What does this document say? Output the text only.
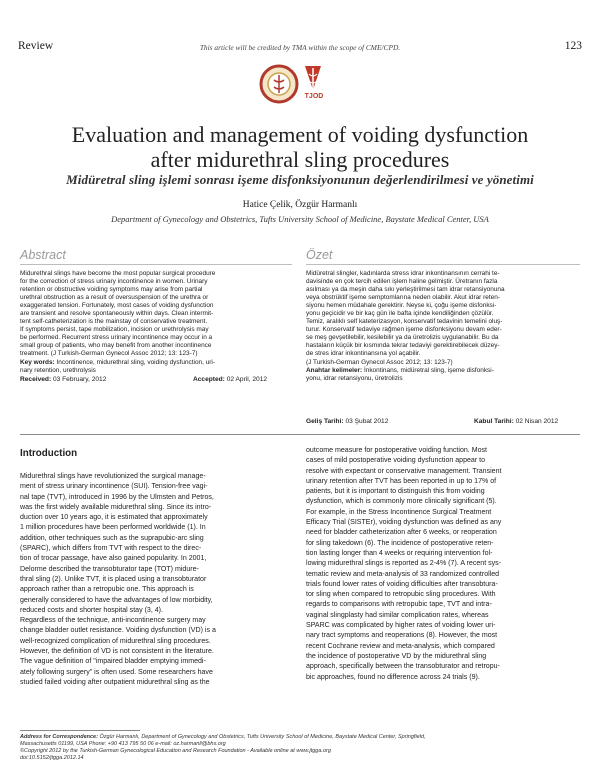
Review	This article will be credited by TMA within the scope of CME/CPD.	123
TJOD
Evaluation and management of voiding dysfunction
after midurethral sling procedures
Midüretral sling işlemi sonrası işeme disfonksiyonunun değerlendirilmesi ve yönetimi
Hatice Çelik, Özgür Harmanlı
Department of Gynecology and Obstetrics, Tufts University School of Medicine, Baystate Medical Center, USA
Abstract

Midurethral slings have become the most popular surgical procedure

for the correction of stress urinary incontinence in women. Urinary

retention or obstructive voiding symptoms may arise from partial

urethral obstruction as a result of oversuspension of the urethra or

exaggerated tension. Fortunately, most cases of voiding dysfunction

are transient and resolve spontaneously within days. Clean intermit-

tent self-catheterization is the mainstay of conservative treatment.

If symptoms persist, tape mobilization, incision or urethrolysis may

be performed. Recurrent stress urinary incontinence may occur in a

small group of patients, who may benefit from another incontinence

treatment. (J Turkish-German Gynecol Assoc 2012; 13: 123-7)

Key words: Incontinence, midurethral sling, voiding dysfunction, uri-

nary retention, urethrolysis

Received: 03 February, 2012	Accepted: 02 April, 2012
Özet

Midüretral slingler, kadınlarda stress idrar inkontinansının cerrahi te-

davisinde en çok tercih edilen işlem haline gelmiştir. Üretranın fazla

asılması ya da meşin daha sıkı yerleştirilmesi tam idrar retansiyonuna

veya obstrüktif işeme semptomlarına neden olabilir. Akut idrar reten-

siyonu hemen müdahale gerektirir. Neyse ki, çoğu işeme disfonksi-

yonu geçicidir ve bir kaç gün ile bafta içinde kendiliğinden çözülür.

Temiz, aralıklı self kateterizasyon, konservatif tedavinin temelini oluş-

turur. Konservatif tedaviye rağmen işeme disfonksiyonu devam eder-

se meş gevşetilebilir, kesilebilir ya da üretrolizis uygulanabilir. Bu da

hastaların küçük bir kısmında tekrar tedaviyi gerektirebilecek düzey-

de stres idrar inkontinansına yol açabilir.

(J Turkish-German Gynecol Assoc 2012; 13: 123-7)

Anahtar kelimeler: İnkontinans, midüretral sling, işeme disfonksi-

yonu, idrar retansiyonu, üretrolizis

Geliş Tarihi: 03 Şubat 2012	Kabul Tarihi: 02 Nisan 2012
Introduction

Midurethral slings have revolutionized the surgical manage-

ment of stress urinary incontinence (SUI). Tension-free vagi-

nal tape (TVT), introduced in 1996 by the Ulmsten and Petros,

was the first widely available midurethral sling. Since its intro-

duction over 10 years ago, it is estimated that approximately

1 million procedures have been performed worldwide (1). In

addition, other techniques such as the suprapubic-arc sling

(SPARC), which differs from TVT with respect to the direc-

tion of trocar passage, have also gained popularity. In 2001,

Delorme described the transobturator tape (TOT) midure-

thral sling (2). Unlike TVT, it is placed using a transobturator

approach rather than a retropubic one. This approach is

generally considered to have the advantages of low morbidity,

reduced costs and shorter hospital stay (3, 4).

Regardless of the technique, anti-incontinence surgery may

change bladder outlet resistance. Voiding dysfunction (VD) is a

well-recognized complication of midurethral sling procedures.

However, the definition of VD is not consistent in the literature.

The vague definition of "impaired bladder emptying immedi-

ately following surgery" is often used. Some researchers have

studied failed voiding after outpatient midurethral sling as the

outcome measure for postoperative voiding function. Most

cases of mild postoperative voiding dysfunction appear to

resolve with expectant or conservative management. Transient

urinary retention after TVT has been reported in up to 17% of

patients, but it is important to distinguish this from voiding

dysfunction, which is commonly more clinically significant (5).

For example, in the Stress Incontinence Surgical Treatment

Efficacy Trial (SISTEr), voiding dysfunction was defined as any

need for bladder catheterization after 6 weeks, or reoperation

for sling takedown (6). The incidence of postoperative reten-

tion lasting longer than 4 weeks or requiring intervention fol-

lowing midurethral slings is reported as 2-4% (7). A recent sys-

tematic review and meta-analysis of 33 randomized controlled

trials found lower rates of voiding difficulties after transobtura-

tor sling when compared to retropubic sling procedures. With

regards to comparisons with retropubic tape, TVT and intra-

vaginal slingplasty had similar complication rates, whereas

SPARC was complicated by higher rates of voiding lower uri-

nary tract symptoms and reoperations (8). However, the most

recent Cochrane review and meta-analysis, which compared

the incidence of postoperative VD by the midurethral sling

approach, specifically between the transobturator and retropu-

bic approaches, found no difference across 24 trials (9).

Address for Correspondence: Özgür Harmanlı, Department of Gynecology and Obstetrics, Tufts University School of Medicine, Baystate Medical Center, Springfield,
Massachusetts 01199, USA Phone: +90 413 795 50 06 e-mail: oz.harmanli@bhs.org
©Copyright 2012 by the Turkish-German Gynecological Education and Research Foundation - Available online at www.jtgga.org
doi:10.5152/jtgga.2012.14
